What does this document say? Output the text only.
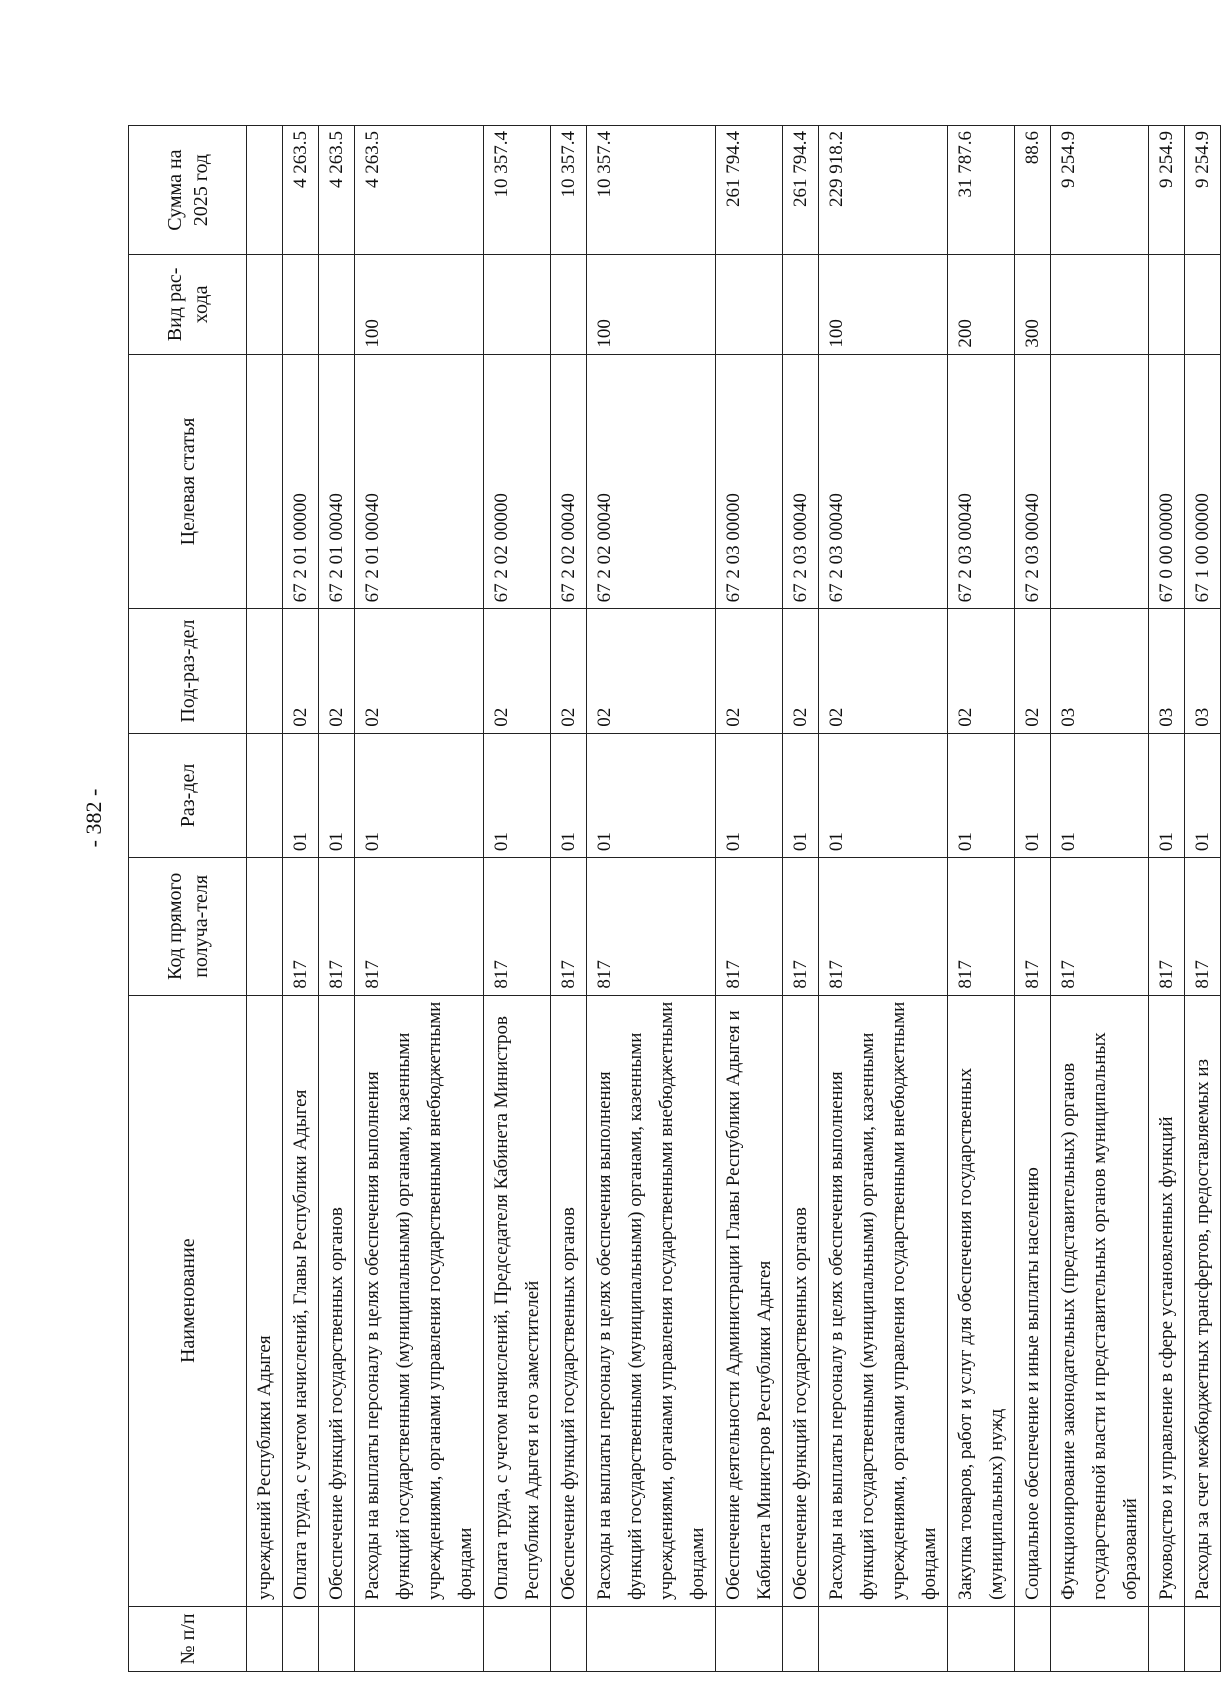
- 382 -
№ п/п	Наименование	Код прямого получа-теля	Раз-дел	Под-раз-дел	Целевая статья	Вид рас-хода	Сумма на 2025 год
	учреждений Республики Адыгея						
	Оплата труда, с учетом начислений, Главы Республики Адыгея	817	01	02	67 2 01 00000		4 263.5
	Обеспечение функций государственных органов	817	01	02	67 2 01 00040		4 263.5
	Расходы на выплаты персоналу в целях обеспечения выполнения функций государственными (муниципальными) органами, казенными учреждениями, органами управления государственными внебюджетными фондами	817	01	02	67 2 01 00040	100	4 263.5
	Оплата труда, с учетом начислений, Председателя Кабинета Министров Республики Адыгея и его заместителей	817	01	02	67 2 02 00000		10 357.4
	Обеспечение функций государственных органов	817	01	02	67 2 02 00040		10 357.4
	Расходы на выплаты персоналу в целях обеспечения выполнения функций государственными (муниципальными) органами, казенными учреждениями, органами управления государственными внебюджетными фондами	817	01	02	67 2 02 00040	100	10 357.4
	Обеспечение деятельности Администрации Главы Республики Адыгея и Кабинета Министров Республики Адыгея	817	01	02	67 2 03 00000		261 794.4
	Обеспечение функций государственных органов	817	01	02	67 2 03 00040		261 794.4
	Расходы на выплаты персоналу в целях обеспечения выполнения функций государственными (муниципальными) органами, казенными учреждениями, органами управления государственными внебюджетными фондами	817	01	02	67 2 03 00040	100	229 918.2
	Закупка товаров, работ и услуг для обеспечения государственных (муниципальных) нужд	817	01	02	67 2 03 00040	200	31 787.6
	Социальное обеспечение и иные выплаты населению	817	01	02	67 2 03 00040	300	88.6
	Функционирование законодательных (представительных) органов государственной власти и представительных органов муниципальных образований	817	01	03			9 254.9
	Руководство и управление в сфере установленных функций	817	01	03	67 0 00 00000		9 254.9
	Расходы за счет межбюджетных трансфертов, предоставляемых из	817	01	03	67 1 00 00000		9 254.9
